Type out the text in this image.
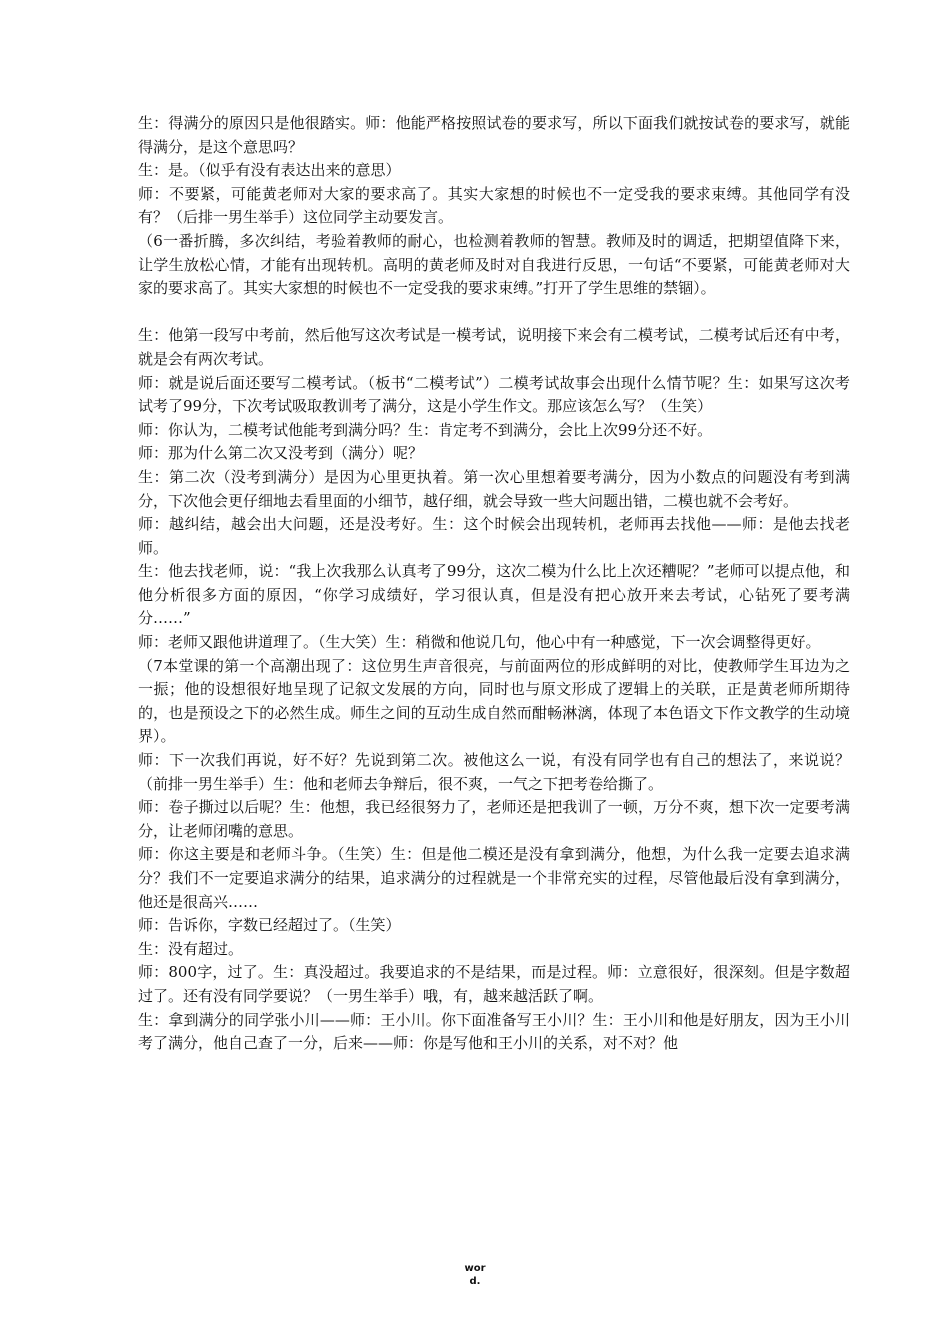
生：得满分的原因只是他很踏实。师：他能严格按照试卷的要求写，所以下面我们就按试卷的要求写，就能得满分，是这个意思吗？

生：是。（似乎有没有表达出来的意思）

师：不要紧，可能黄老师对大家的要求高了。其实大家想的时候也不一定受我的要求束缚。其他同学有没有？（后排一男生举手）这位同学主动要发言。

（6一番折腾，多次纠结，考验着教师的耐心，也检测着教师的智慧。教师及时的调适，把期望值降下来，让学生放松心情，才能有出现转机。高明的黄老师及时对自我进行反思，一句话“不要紧，可能黄老师对大家的要求高了。其实大家想的时候也不一定受我的要求束缚。”打开了学生思维的禁锢）。

生：他第一段写中考前，然后他写这次考试是一模考试，说明接下来会有二模考试，二模考试后还有中考，就是会有两次考试。

师：就是说后面还要写二模考试。（板书“二模考试”）二模考试故事会出现什么情节呢？生：如果写这次考试考了99分，下次考试吸取教训考了满分，这是小学生作文。那应该怎么写？（生笑）

师：你认为，二模考试他能考到满分吗？生：肯定考不到满分，会比上次99分还不好。

师：那为什么第二次又没考到（满分）呢？

生：第二次（没考到满分）是因为心里更执着。第一次心里想着要考满分，因为小数点的问题没有考到满分，下次他会更仔细地去看里面的小细节，越仔细，就会导致一些大问题出错，二模也就不会考好。

师：越纠结，越会出大问题，还是没考好。生：这个时候会出现转机，老师再去找他——师：是他去找老师。

生：他去找老师，说：“我上次我那么认真考了99分，这次二模为什么比上次还糟呢？”老师可以提点他，和他分析很多方面的原因，“你学习成绩好，学习很认真，但是没有把心放开来去考试，心钻死了要考满分……”

师：老师又跟他讲道理了。（生大笑）生：稍微和他说几句，他心中有一种感觉，下一次会调整得更好。

（7本堂课的第一个高潮出现了：这位男生声音很亮，与前面两位的形成鲜明的对比，使教师学生耳边为之一振；他的设想很好地呈现了记叙文发展的方向，同时也与原文形成了逻辑上的关联，正是黄老师所期待的，也是预设之下的必然生成。师生之间的互动生成自然而酣畅淋漓，体现了本色语文下作文教学的生动境界）。

师：下一次我们再说，好不好？先说到第二次。被他这么一说，有没有同学也有自己的想法了，来说说？（前排一男生举手）生：他和老师去争辩后，很不爽，一气之下把考卷给撕了。

师：卷子撕过以后呢？生：他想，我已经很努力了，老师还是把我训了一顿，万分不爽，想下次一定要考满分，让老师闭嘴的意思。

师：你这主要是和老师斗争。（生笑）生：但是他二模还是没有拿到满分，他想，为什么我一定要去追求满分？我们不一定要追求满分的结果，追求满分的过程就是一个非常充实的过程，尽管他最后没有拿到满分，他还是很高兴……

师：告诉你，字数已经超过了。（生笑）

生：没有超过。

师：800字，过了。生：真没超过。我要追求的不是结果，而是过程。师：立意很好，很深刻。但是字数超过了。还有没有同学要说？（一男生举手）哦，有，越来越活跃了啊。

生：拿到满分的同学张小川——师：王小川。你下面准备写王小川？生：王小川和他是好朋友，因为王小川考了满分，他自己查了一分，后来——师：你是写他和王小川的关系，对不对？他

wor
d.
